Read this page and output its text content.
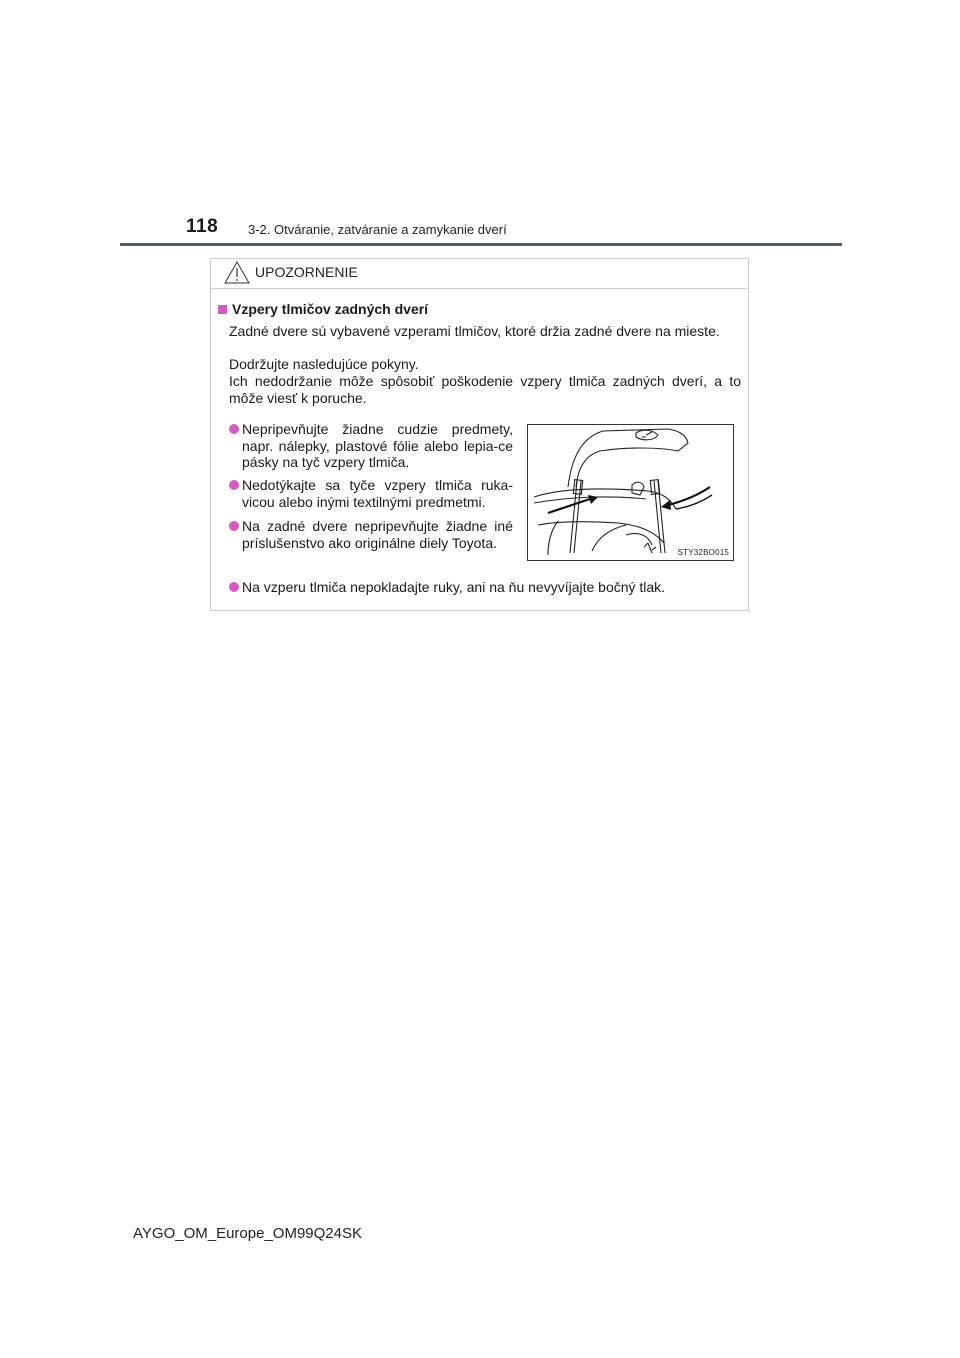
118 3-2. Otváranie, zatváranie a zamykanie dverí
UPOZORNENIE
Vzpery tlmičov zadných dverí
Zadné dvere sú vybavené vzperami tlmičov, ktoré držia zadné dvere na mieste.
Dodržujte nasledujúce pokyny.
Ich nedodržanie môže spôsobiť poškodenie vzpery tlmiča zadných dverí, a to môže viesť k poruche.
Nepripevňujte žiadne cudzie predmety, napr. nálepky, plastové fólie alebo lepia-ce pásky na tyč vzpery tlmiča.
Nedotýkajte sa tyče vzpery tlmiča ruka-vicou alebo inými textilnými predmetmi.
Na zadné dvere nepripevňujte žiadne iné príslušenstvo ako originálne diely Toyota.
Na vzperu tlmiča nepokladajte ruky, ani na ňu nevyvíjajte bočný tlak.
STY32BO015
AYGO_OM_Europe_OM99Q24SK
